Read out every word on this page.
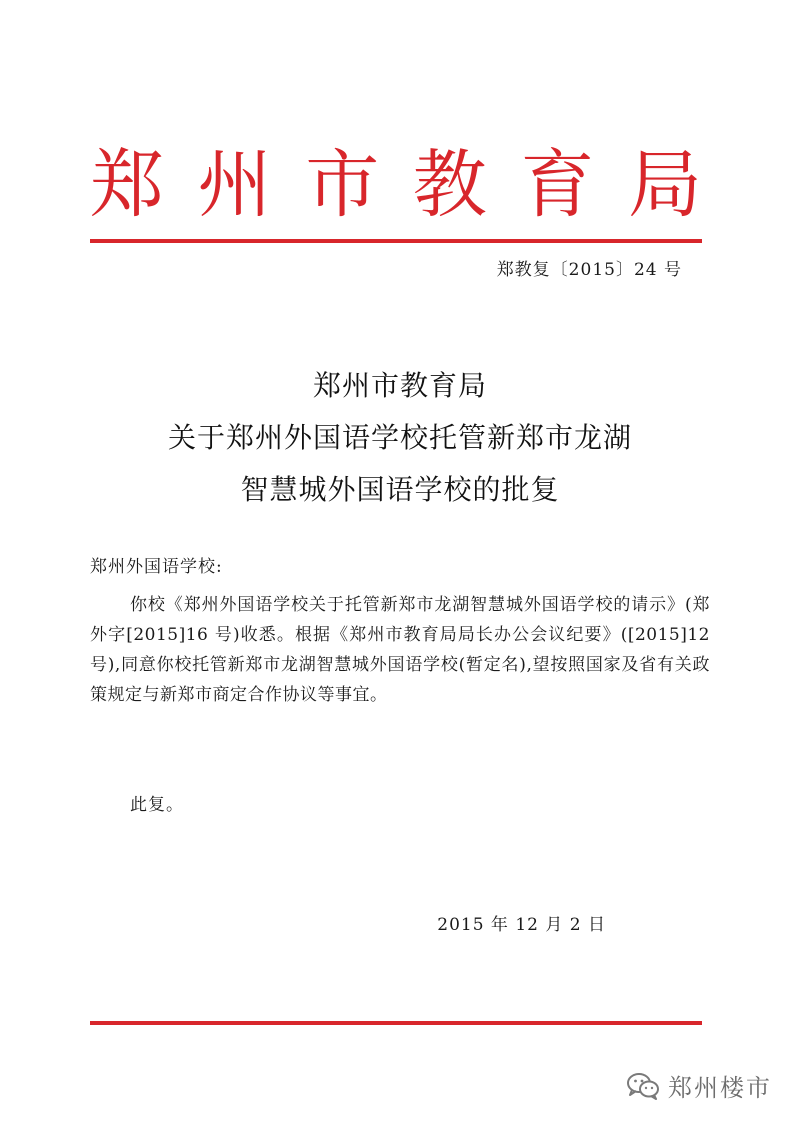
郑 州 市 教 育 局
郑教复〔2015〕24 号
郑州市教育局
关于郑州外国语学校托管新郑市龙湖
智慧城外国语学校的批复
郑州外国语学校:

你校《郑州外国语学校关于托管新郑市龙湖智慧城外国语学校的请示》(郑外字[2015]16 号)收悉。根据《郑州市教育局局长办公会议纪要》([2015]12 号),同意你校托管新郑市龙湖智慧城外国语学校(暂定名),望按照国家及省有关政策规定与新郑市商定合作协议等事宜。

此复。
2015 年 12 月 2 日
郑州楼市
